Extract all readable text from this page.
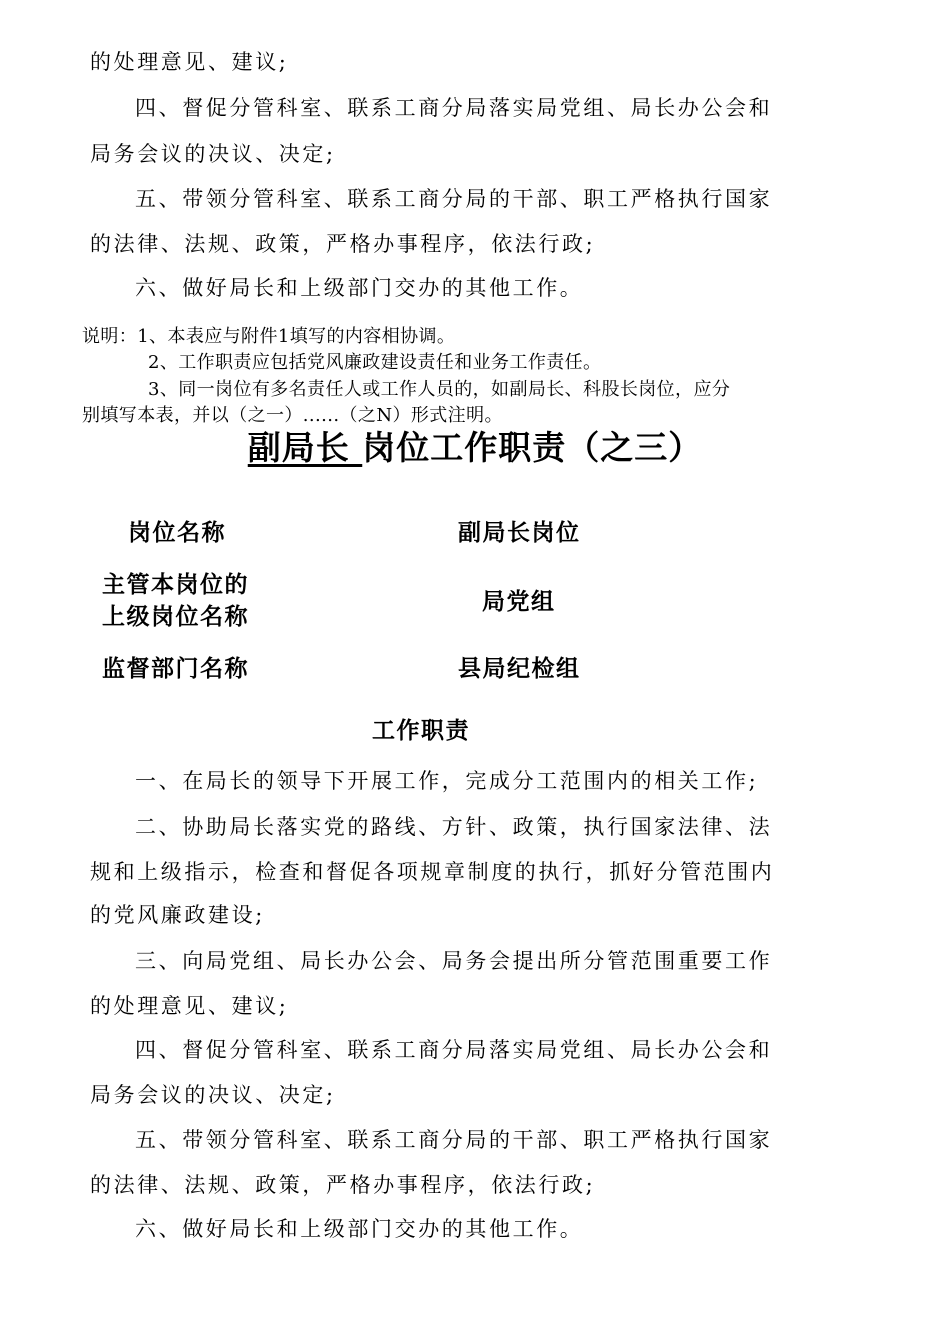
的处理意见、建议;
四、督促分管科室、联系工商分局落实局党组、局长办公会和
局务会议的决议、决定;
五、带领分管科室、联系工商分局的干部、职工严格执行国家
的法律、法规、政策，严格办事程序，依法行政;
六、做好局长和上级部门交办的其他工作。
说明：1、本表应与附件1填写的内容相协调。
2、工作职责应包括党风廉政建设责任和业务工作责任。
3、同一岗位有多名责任人或工作人员的，如副局长、科股长岗位，应分
别填写本表，并以（之一）......（之N）形式注明。
副局长 岗位工作职责（之三）
岗位名称	副局长岗位
主管本岗位的
上级岗位名称
局党组
监督部门名称	县局纪检组
工作职责
一、在局长的领导下开展工作，完成分工范围内的相关工作;
二、协助局长落实党的路线、方针、政策，执行国家法律、法
规和上级指示，检查和督促各项规章制度的执行，抓好分管范围内
的党风廉政建设;
三、向局党组、局长办公会、局务会提出所分管范围重要工作
的处理意见、建议;
四、督促分管科室、联系工商分局落实局党组、局长办公会和
局务会议的决议、决定;
五、带领分管科室、联系工商分局的干部、职工严格执行国家
的法律、法规、政策，严格办事程序，依法行政;
六、做好局长和上级部门交办的其他工作。
